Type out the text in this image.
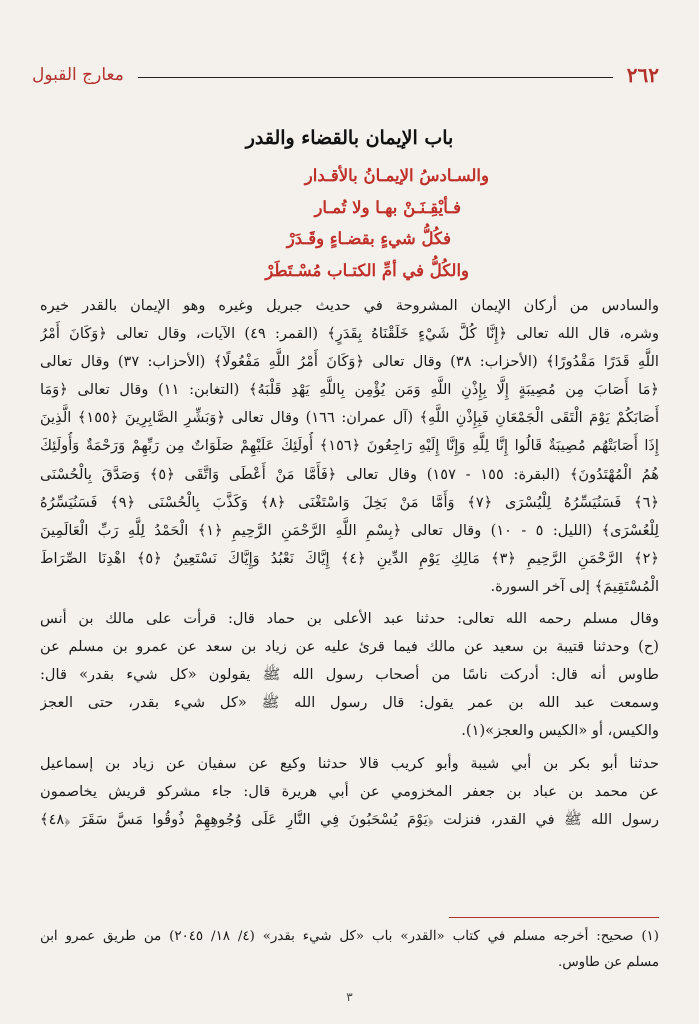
٢٦٢
معارج القبول
باب الإيمان بالقضاء والقدر
والسـادسُ الإيمـانُ بالأقـدار
فـأيْقِـنَـنْ بهـا ولا تُمـار
فكُلُّ شيءٍ بقضـاءٍ وقَـدَرْ
والكُلُّ في أمِّ الكتـاب مُسْـتَطَرْ
والسادس من أركان الإيمان المشروحة في حديث جبريل وغيره وهو الإيمان بالقدر خيره
وشره، قال الله تعالى ﴿إِنَّا كُلَّ شَيْءٍ خَلَقْنَاهُ بِقَدَرٍ﴾ (القمر: ٤٩) الآيات، وقال تعالى ﴿وَكَانَ أَمْرُ
اللَّهِ قَدَرًا مَقْدُورًا﴾ (الأحزاب: ٣٨) وقال تعالى ﴿وَكَانَ أَمْرُ اللَّهِ مَفْعُولًا﴾ (الأحزاب: ٣٧) وقال تعالى
﴿مَا أَصَابَ مِن مُصِيبَةٍ إِلَّا بِإِذْنِ اللَّهِ وَمَن يُؤْمِن بِاللَّهِ يَهْدِ قَلْبَهُ﴾ (التغابن: ١١) وقال تعالى ﴿وَمَا
أَصَابَكُمْ يَوْمَ الْتَقَى الْجَمْعَانِ فَبِإِذْنِ اللَّهِ﴾ (آل عمران: ١٦٦) وقال تعالى ﴿وَبَشِّرِ الصَّابِرِينَ ﴿١٥٥﴾ الَّذِينَ
إِذَا أَصَابَتْهُم مُصِيبَةٌ قَالُوا إِنَّا لِلَّهِ وَإِنَّا إِلَيْهِ رَاجِعُونَ ﴿١٥٦﴾ أُولَئِكَ عَلَيْهِمْ صَلَوَاتٌ مِن رَبِّهِمْ وَرَحْمَةٌ وَأُولَئِكَ
هُمُ الْمُهْتَدُونَ﴾ (البقرة: ١٥٥ - ١٥٧) وقال تعالى ﴿فَأَمَّا مَنْ أَعْطَى وَاتَّقَى ﴿٥﴾ وَصَدَّقَ بِالْحُسْنَى
﴿٦﴾ فَسَنُيَسِّرُهُ لِلْيُسْرَى ﴿٧﴾ وَأَمَّا مَنْ بَخِلَ وَاسْتَغْنَى ﴿٨﴾ وَكَذَّبَ بِالْحُسْنَى ﴿٩﴾ فَسَنُيَسِّرُهُ
لِلْعُسْرَى﴾ (الليل: ٥ - ١٠) وقال تعالى ﴿بِسْمِ اللَّهِ الرَّحْمَنِ الرَّحِيمِ ﴿١﴾ الْحَمْدُ لِلَّهِ رَبِّ الْعَالَمِينَ
﴿٢﴾ الرَّحْمَنِ الرَّحِيمِ ﴿٣﴾ مَالِكِ يَوْمِ الدِّينِ ﴿٤﴾ إِيَّاكَ نَعْبُدُ وَإِيَّاكَ نَسْتَعِينُ ﴿٥﴾ اهْدِنَا الصِّرَاطَ
الْمُسْتَقِيمَ﴾ إلى آخر السورة.
وقال مسلم رحمه الله تعالى: حدثنا عبد الأعلى بن حماد قال: قرأت على مالك بن أنس
(ح) وحدثنا قتيبة بن سعيد عن مالك فيما قرئ عليه عن زياد بن سعد عن عمرو بن مسلم عن
طاوس أنه قال: أدركت ناسًا من أصحاب رسول الله ﷺ يقولون «كل شيء بقدر» قال:
وسمعت عبد الله بن عمر يقول: قال رسول الله ﷺ «كل شيء بقدر، حتى العجز
والكيس، أو «الكيس والعجز»(١).
حدثنا أبو بكر بن أبي شيبة وأبو كريب قالا حدثنا وكيع عن سفيان عن زياد بن إسماعيل
عن محمد بن عباد بن جعفر المخزومي عن أبي هريرة قال: جاء مشركو قريش يخاصمون
رسول الله ﷺ في القدر، فنزلت ﴿يَوْمَ يُسْحَبُونَ فِي النَّارِ عَلَى وُجُوهِهِمْ ذُوقُوا مَسَّ سَقَرَ ﴿٤٨﴾
(١) صحيح: أخرجه مسلم في كتاب «القدر» باب «كل شيء بقدر» (٤/ ١٨/ ٢٠٤٥) من طريق عمرو ابن
مسلم عن طاوس.
٣
